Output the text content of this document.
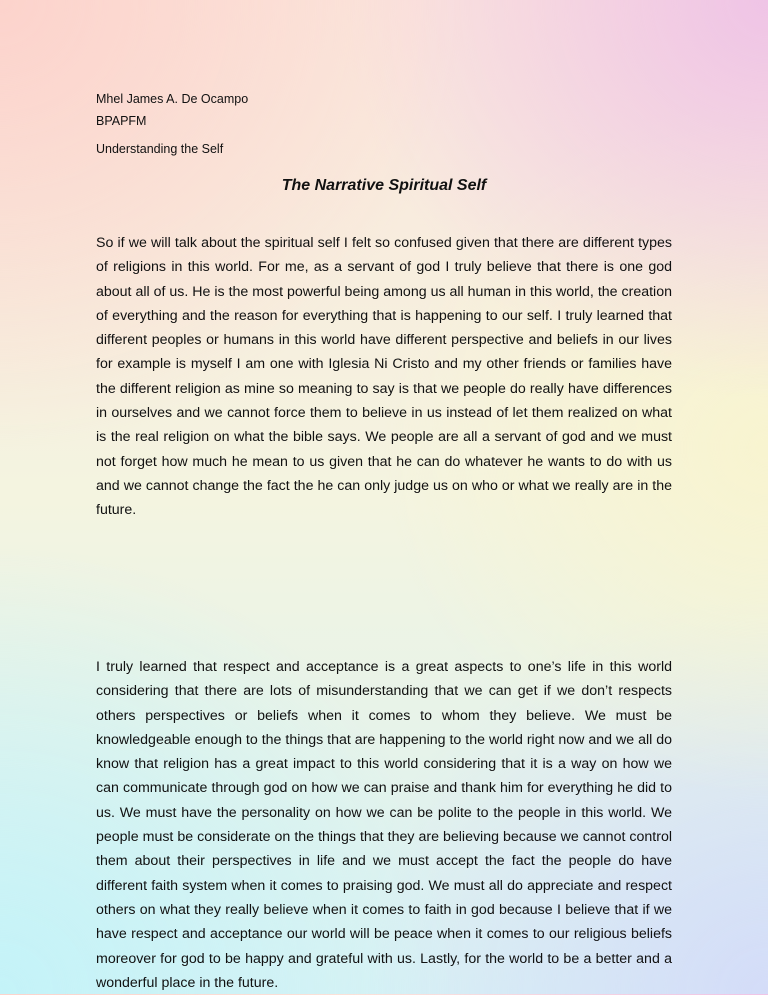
Mhel James A. De Ocampo
BPAPFM
Understanding the Self
The Narrative Spiritual Self

So if we will talk about the spiritual self I felt so confused given that there are different types of religions in this world. For me, as a servant of god I truly believe that there is one god about all of us. He is the most powerful being among us all human in this world, the creation of everything and the reason for everything that is happening to our self. I truly learned that different peoples or humans in this world have different perspective and beliefs in our lives for example is myself I am one with Iglesia Ni Cristo and my other friends or families have the different religion as mine so meaning to say is that we people do really have differences in ourselves and we cannot force them to believe in us instead of let them realized on what is the real religion on what the bible says. We people are all a servant of god and we must not forget how much he mean to us given that he can do whatever he wants to do with us and we cannot change the fact the he can only judge us on who or what we really are in the future.

I truly learned that respect and acceptance is a great aspects to one’s life in this world considering that there are lots of misunderstanding that we can get if we don’t respects others perspectives or beliefs when it comes to whom they believe. We must be knowledgeable enough to the things that are happening to the world right now and we all do know that religion has a great impact to this world considering that it is a way on how we can communicate through god on how we can praise and thank him for everything he did to us. We must have the personality on how we can be polite to the people in this world. We people must be considerate on the things that they are believing because we cannot control them about their perspectives in life and we must accept the fact the people do have different faith system when it comes to praising god. We must all do appreciate and respect others on what they really believe when it comes to faith in god because I believe that if we have respect and acceptance our world will be peace when it comes to our religious beliefs moreover for god to be happy and grateful with us. Lastly, for the world to be a better and a wonderful place in the future.
